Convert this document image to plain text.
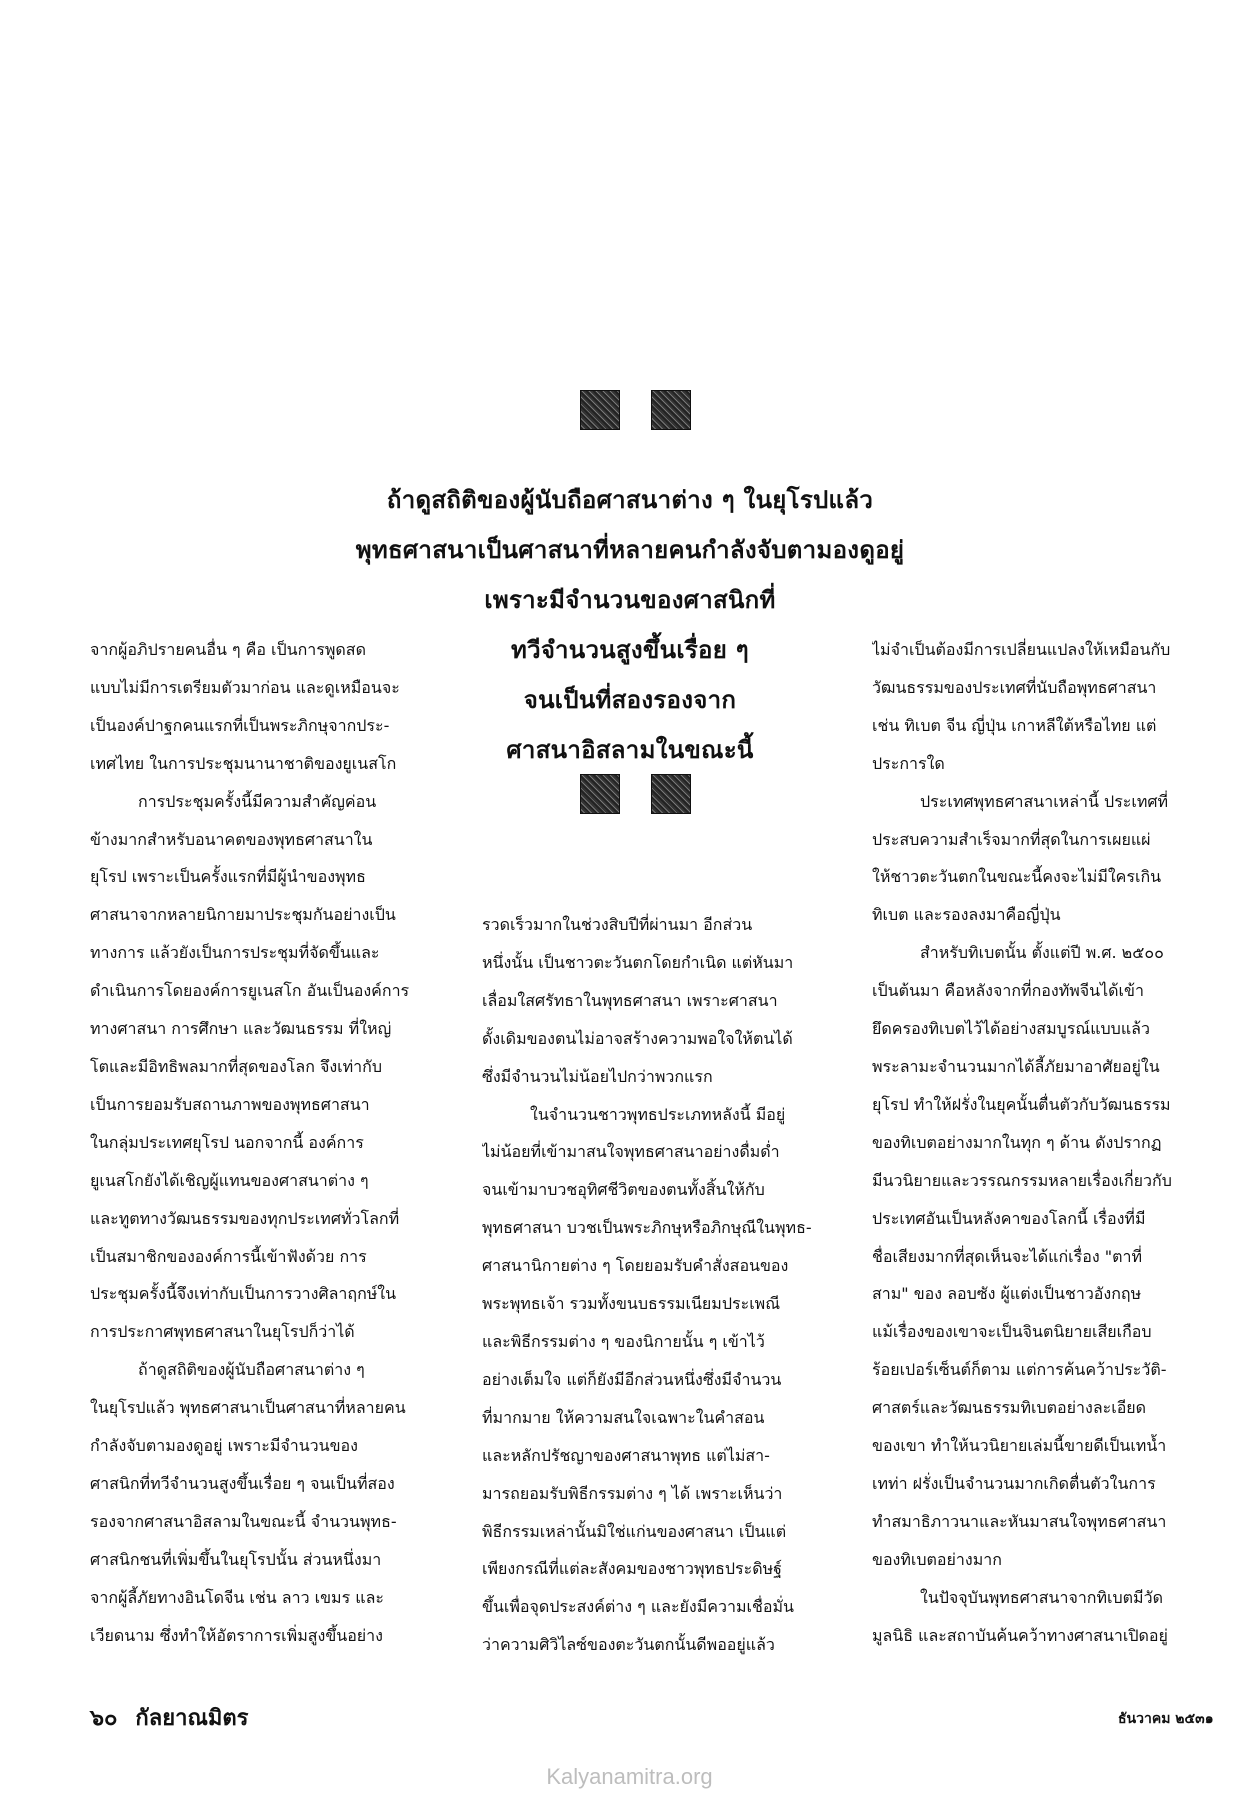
ถ้าดูสถิติของผู้นับถือศาสนาต่าง ๆ ในยุโรปแล้ว
พุทธศาสนาเป็นศาสนาที่หลายคนกำลังจับตามองดูอยู่
เพราะมีจำนวนของศาสนิกที่
ทวีจำนวนสูงขึ้นเรื่อย ๆ
จนเป็นที่สองรองจาก
ศาสนาอิสลามในขณะนี้
จากผู้อภิปรายคนอื่น ๆ คือ เป็นการพูดสด
แบบไม่มีการเตรียมตัวมาก่อน และดูเหมือนจะ
เป็นองค์ปาฐกคนแรกที่เป็นพระภิกษุจากประ-
เทศไทย ในการประชุมนานาชาติของยูเนสโก
การประชุมครั้งนี้มีความสำคัญค่อน
ข้างมากสำหรับอนาคตของพุทธศาสนาใน
ยุโรป เพราะเป็นครั้งแรกที่มีผู้นำของพุทธ
ศาสนาจากหลายนิกายมาประชุมกันอย่างเป็น
ทางการ แล้วยังเป็นการประชุมที่จัดขึ้นและ
ดำเนินการโดยองค์การยูเนสโก อันเป็นองค์การ
ทางศาสนา การศึกษา และวัฒนธรรม ที่ใหญ่
โตและมีอิทธิพลมากที่สุดของโลก จึงเท่ากับ
เป็นการยอมรับสถานภาพของพุทธศาสนา
ในกลุ่มประเทศยุโรป นอกจากนี้ องค์การ
ยูเนสโกยังได้เชิญผู้แทนของศาสนาต่าง ๆ
และทูตทางวัฒนธรรมของทุกประเทศทั่วโลกที่
เป็นสมาชิกขององค์การนี้เข้าฟังด้วย การ
ประชุมครั้งนี้จึงเท่ากับเป็นการวางศิลาฤกษ์ใน
การประกาศพุทธศาสนาในยุโรปก็ว่าได้
ถ้าดูสถิติของผู้นับถือศาสนาต่าง ๆ
ในยุโรปแล้ว พุทธศาสนาเป็นศาสนาที่หลายคน
กำลังจับตามองดูอยู่ เพราะมีจำนวนของ
ศาสนิกที่ทวีจำนวนสูงขึ้นเรื่อย ๆ จนเป็นที่สอง
รองจากศาสนาอิสลามในขณะนี้ จำนวนพุทธ-
ศาสนิกชนที่เพิ่มขึ้นในยุโรปนั้น ส่วนหนึ่งมา
จากผู้ลี้ภัยทางอินโดจีน เช่น ลาว เขมร และ
เวียดนาม ซึ่งทำให้อัตราการเพิ่มสูงขึ้นอย่าง
รวดเร็วมากในช่วงสิบปีที่ผ่านมา อีกส่วน
หนึ่งนั้น เป็นชาวตะวันตกโดยกำเนิด แต่หันมา
เลื่อมใสศรัทธาในพุทธศาสนา เพราะศาสนา
ดั้งเดิมของตนไม่อาจสร้างความพอใจให้ตนได้
ซึ่งมีจำนวนไม่น้อยไปกว่าพวกแรก
ในจำนวนชาวพุทธประเภทหลังนี้ มีอยู่
ไม่น้อยที่เข้ามาสนใจพุทธศาสนาอย่างดื่มด่ำ
จนเข้ามาบวชอุทิศชีวิตของตนทั้งสิ้นให้กับ
พุทธศาสนา บวชเป็นพระภิกษุหรือภิกษุณีในพุทธ-
ศาสนานิกายต่าง ๆ โดยยอมรับคำสั่งสอนของ
พระพุทธเจ้า รวมทั้งขนบธรรมเนียมประเพณี
และพิธีกรรมต่าง ๆ ของนิกายนั้น ๆ เข้าไว้
อย่างเต็มใจ แต่ก็ยังมีอีกส่วนหนึ่งซึ่งมีจำนวน
ที่มากมาย ให้ความสนใจเฉพาะในคำสอน
และหลักปรัชญาของศาสนาพุทธ แต่ไม่สา-
มารถยอมรับพิธีกรรมต่าง ๆ ได้ เพราะเห็นว่า
พิธีกรรมเหล่านั้นมิใช่แก่นของศาสนา เป็นแต่
เพียงกรณีที่แต่ละสังคมของชาวพุทธประดิษฐ์
ขึ้นเพื่อจุดประสงค์ต่าง ๆ และยังมีความเชื่อมั่น
ว่าความศิวิไลซ์ของตะวันตกนั้นดีพออยู่แล้ว
ไม่จำเป็นต้องมีการเปลี่ยนแปลงให้เหมือนกับ
วัฒนธรรมของประเทศที่นับถือพุทธศาสนา
เช่น ทิเบต จีน ญี่ปุ่น เกาหลีใต้หรือไทย แต่
ประการใด
ประเทศพุทธศาสนาเหล่านี้ ประเทศที่
ประสบความสำเร็จมากที่สุดในการเผยแผ่
ให้ชาวตะวันตกในขณะนี้คงจะไม่มีใครเกิน
ทิเบต และรองลงมาคือญี่ปุ่น
สำหรับทิเบตนั้น ตั้งแต่ปี พ.ศ. ๒๕๐๐
เป็นต้นมา คือหลังจากที่กองทัพจีนได้เข้า
ยึดครองทิเบตไว้ได้อย่างสมบูรณ์แบบแล้ว
พระลามะจำนวนมากได้ลี้ภัยมาอาศัยอยู่ใน
ยุโรป ทำให้ฝรั่งในยุคนั้นตื่นตัวกับวัฒนธรรม
ของทิเบตอย่างมากในทุก ๆ ด้าน ดังปรากฏ
มีนวนิยายและวรรณกรรมหลายเรื่องเกี่ยวกับ
ประเทศอันเป็นหลังคาของโลกนี้ เรื่องที่มี
ชื่อเสียงมากที่สุดเห็นจะได้แก่เรื่อง "ตาที่
สาม" ของ ลอบซัง ผู้แต่งเป็นชาวอังกฤษ
แม้เรื่องของเขาจะเป็นจินตนิยายเสียเกือบ
ร้อยเปอร์เซ็นต์ก็ตาม แต่การค้นคว้าประวัติ-
ศาสตร์และวัฒนธรรมทิเบตอย่างละเอียด
ของเขา ทำให้นวนิยายเล่มนี้ขายดีเป็นเทน้ำ
เทท่า ฝรั่งเป็นจำนวนมากเกิดตื่นตัวในการ
ทำสมาธิภาวนาและหันมาสนใจพุทธศาสนา
ของทิเบตอย่างมาก
ในปัจจุบันพุทธศาสนาจากทิเบตมีวัด
มูลนิธิ และสถาบันค้นคว้าทางศาสนาเปิดอยู่
๖๐ กัลยาณมิตร	ธันวาคม ๒๕๓๑
Kalyanamitra.org
